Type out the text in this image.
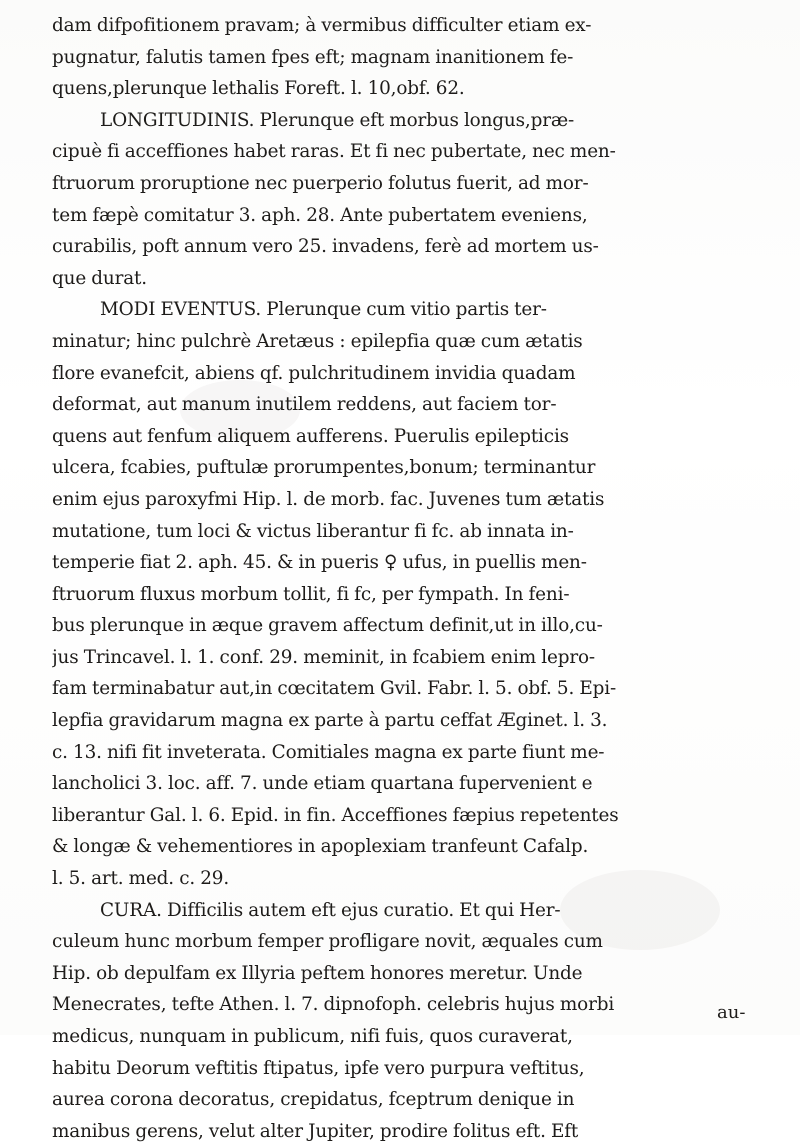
dam difpofitionem pravam; à vermibus difficulter etiam ex-
pugnatur, falutis tamen fpes eft; magnam inanitionem fe-
quens,plerunque lethalis Foreft. l. 10,obf. 62.
LONGITUDINIS. Plerunque eft morbus longus,præ-
cipuè fi acceffiones habet raras. Et fi nec pubertate, nec men-
ftruorum proruptione nec puerperio folutus fuerit, ad mor-
tem fæpè comitatur 3. aph. 28. Ante pubertatem eveniens,
curabilis, poft annum vero 25. invadens, ferè ad mortem us-
que durat.
MODI EVENTUS. Plerunque cum vitio partis ter-
minatur; hinc pulchrè Aretæus : epilepfia quæ cum ætatis
flore evanefcit, abiens qf. pulchritudinem invidia quadam
deformat, aut manum inutilem reddens, aut faciem tor-
quens aut fenfum aliquem aufferens. Puerulis epilepticis
ulcera, fcabies, puftulæ prorumpentes,bonum; terminantur
enim ejus paroxyfmi Hip. l. de morb. fac. Juvenes tum ætatis
mutatione, tum loci & victus liberantur fi fc. ab innata in-
temperie fiat 2. aph. 45. & in pueris ♀ ufus, in puellis men-
ftruorum fluxus morbum tollit, fi fc, per fympath. In feni-
bus plerunque in æque gravem affectum definit,ut in illo,cu-
jus Trincavel. l. 1. conf. 29. meminit, in fcabiem enim lepro-
fam terminabatur aut,in cœcitatem Gvil. Fabr. l. 5. obf. 5. Epi-
lepfia gravidarum magna ex parte à partu ceffat Æginet. l. 3.
c. 13. nifi fit inveterata. Comitiales magna ex parte fiunt me-
lancholici 3. loc. aff. 7. unde etiam quartana fupervenient e
liberantur Gal. l. 6. Epid. in fin. Acceffiones fæpius repetentes
& longæ & vehementiores in apoplexiam tranfeunt Cafalp.
l. 5. art. med. c. 29.
CURA. Difficilis autem eft ejus curatio. Et qui Her-
culeum hunc morbum femper profligare novit, æquales cum
Hip. ob depulfam ex Illyria peftem honores meretur. Unde
Menecrates, tefte Athen. l. 7. dipnofoph. celebris hujus morbi
medicus, nunquam in publicum, nifi fuis, quos curaverat,
habitu Deorum veftitis ftipatus, ipfe vero purpura veftitus,
aurea corona decoratus, crepidatus, fceptrum denique in
manibus gerens, velut alter Jupiter, prodire folitus eft. Eft
au-
